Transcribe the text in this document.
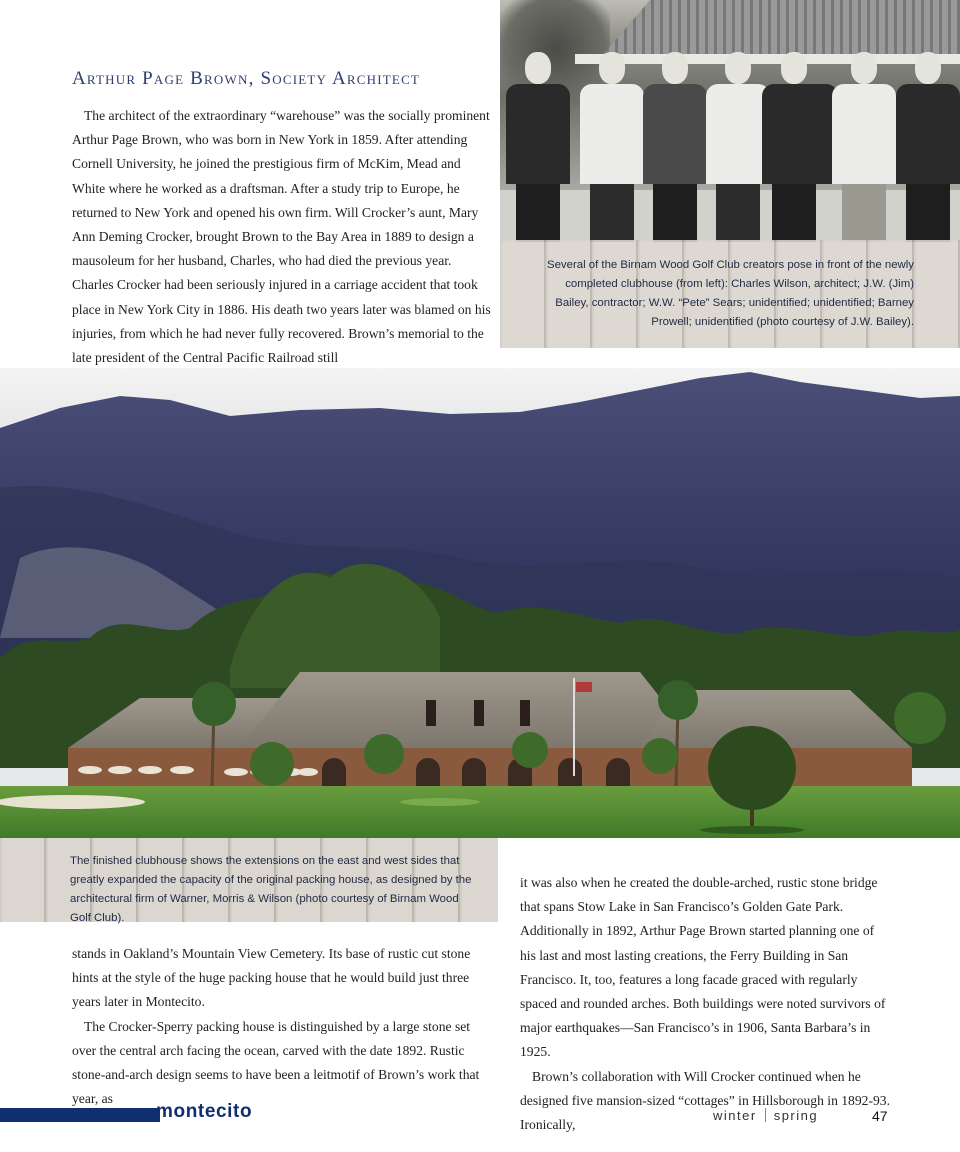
Several of the Birnam Wood Golf Club creators pose in front of the newly completed clubhouse (from left): Charles Wilson, architect; J.W. (Jim) Bailey, contractor; W.W. “Pete” Sears; unidentified; unidentified; Barney Prowell; unidentified (photo courtesy of J.W. Bailey).

Arthur Page Brown, Society Architect

The architect of the extraordinary “warehouse” was the socially prominent Arthur Page Brown, who was born in New York in 1859. After attending Cornell University, he joined the prestigious firm of McKim, Mead and White where he worked as a draftsman. After a study trip to Europe, he returned to New York and opened his own firm. Will Crocker’s aunt, Mary Ann Deming Crocker, brought Brown to the Bay Area in 1889 to design a mausoleum for her husband, Charles, who had died the previous year. Charles Crocker had been seriously injured in a carriage accident that took place in New York City in 1886. His death two years later was blamed on his injuries, from which he had never fully recovered. Brown’s memorial to the late president of the Central Pacific Railroad still

The finished clubhouse shows the extensions on the east and west sides that greatly expanded the capacity of the original packing house, as designed by the architectural firm of Warner, Morris & Wilson (photo courtesy of Birnam Wood Golf Club).

stands in Oakland’s Mountain View Cemetery. Its base of rustic cut stone hints at the style of the huge packing house that he would build just three years later in Montecito.

The Crocker-Sperry packing house is distinguished by a large stone set over the central arch facing the ocean, carved with the date 1892. Rustic stone-and-arch design seems to have been a leitmotif of Brown’s work that year, as

it was also when he created the double-arched, rustic stone bridge that spans Stow Lake in San Francisco’s Golden Gate Park. Additionally in 1892, Arthur Page Brown started planning one of his last and most lasting creations, the Ferry Building in San Francisco. It, too, features a long facade graced with regularly spaced and rounded arches. Both buildings were noted survivors of major earthquakes—San Francisco’s in 1906, Santa Barbara’s in 1925.

Brown’s collaboration with Will Crocker continued when he designed five mansion-sized “cottages” in Hillsborough in 1892-93. Ironically,

montecito	winter spring	47
